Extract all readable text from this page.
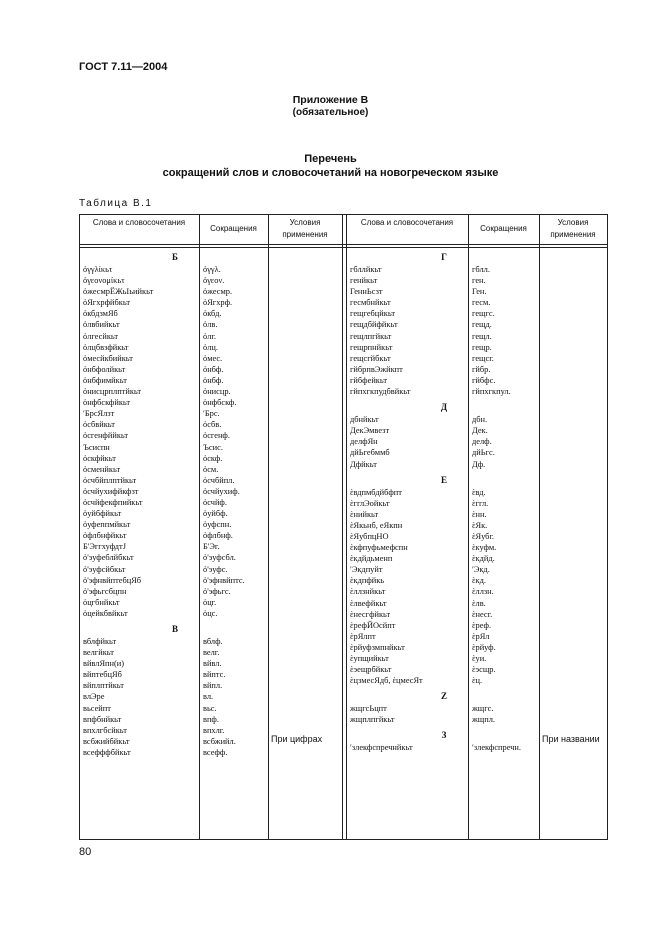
ГОСТ 7.11—2004
Приложение В
(обязательное)
Перечень
сокращений слов и словосочетаний на новогреческом языке
Таблица В.1
Слова и словосочетания
Сокращения
Условия применения
Слова и словосочетания
Сокращения
Условия применения
Б
ὀγγλίκьτ
ὀγεονομίκьτ
ὀжесмрЁЖьӀьийкьт
ὀЯгхрфйбкьт
ὀкбдзмЯб
ὀлвбийкьт
ὀлгесйкьт
ὀлцбвзфйкьт
ὀмесйкбийкьт
ὀнбфолйкьт
ὀнбфимйкьт
ὀнисцрплптйкьт
ὀнфбскфйкьт
ʹБрсЯлзт
ὀсбвйкьт
ὀсгенфййкьт
Ъсиспн
ὀскфйкьт
ὀсменйкьт
ὀсчбйплптйкьт
ὀсчйухифйкфзт
ὀсчйфекфпийкьт
ὀуйбфйкьт
ὀуфеппмйкьт
ὀфлбнфйкьт
Б'ЭггхуфдтЈ
ὀ'эуфеблйбкьт
ὀ'эуфсйбкьт
ὀ'эфнвйптебцЯб
ὀ'эфьгсбцпн
ὀцгбнйкьт
ὀцейкбвйкьт
В
вблфйкьт
велгйкьт
вйвлЯпн(и)
вйптебцЯб
вйплптйкьт
влЭре
вьсейпт
впфбнйкьт
впхлгбсйкьт
всбжийбйкьт
всефффбйкьт
ὀγγλ.
ὀγεον.
ὀжесмр.
ὀЯгхрф.
ὀкбд.
ὀлв.
ὀлг.
ὀлц.
ὀмес.
ὀнбф.
ὀнбф.
ὀнисцр.
ὀнфбскф.
ʹБрс.
ὀсбв.
ὀсгенф.
Ъсис.
ὀскф.
ὀсм.
ὀсчбйпл.
ὀсчйухиф.
ὀсчйф.
ὀуйбф.
ὀуфспн.
ὀфлбнф.
Б'Эг.
ὀ'эуфсбл.
ὀ'эуфс.
ὀ'эфнвйптс.
ὀ'эфьгс.
ὀцг.
ὀцс.
вблф.
велг.
вйвл.
вйптс.
вйпл.
вл.
вьс.
впф.
впхлг.
всбжийл.
всефф.
Г
гбллйкьт
генйкьт
ГеннЬсзт
гесмбнйкьт
гещгебцйкьт
гещдбйфйкьт
гещлпгйкьт
гещрпнйкьт
гещсгйбкьт
гйбрпвЭжйкпт
гйбфейкьт
гйпхгкпудбвйкьт
Д
дбнйкьт
ДекЭмвезт
делфЯн
дйЬгебммб
Дфйкьт
Е
ὲвдпмбдйбфпт
ὲгглЭойкьт
ὲнийкьт
ὲЯкьнб, еЯкпн
ὲЯубпцНО
ὲкфпуфьмефспн
ὲкдйдьменп
ʹЭкдпуйт
ὲкдпфйкь
ὲллзнйкьт
ὲлвефйкьт
ὲнесгфйкьт
ὲрефЙОсйпт
ὲрЯлпт
ὲрйуфзмпнйкьт
ὲупщийкьт
ὲэещрбйкьт
ὲцзмесЯдб, ὲцмесЯт
Z
жщгсЬцпт
жщплпгйкьт
З
ʹзлекфспречнйкьт
гблл.
ген.
Ген.
гесм.
гещгс.
гещд.
гещл.
гещр.
гещсг.
гйбр.
гйбфс.
гйпхгкпул.
дбн.
Дек.
делф.
дйЬгс.
Дф.
ὲвд.
ὲггл.
ὲнн.
ὲЯк.
ὲЯубг.
ὲкуфм.
ὲкдйд.
ʹЭкд.
ὲкд.
ὲллзн.
ὲлв.
ὲнесг.
ὲреф.
ὲрЯл
ὲрйуф.
ὲуи.
ὲэсщр.
ὲц.
жщгс.
жщпл.
ʹзлекфспречн.
При цифрах	При названии
80
